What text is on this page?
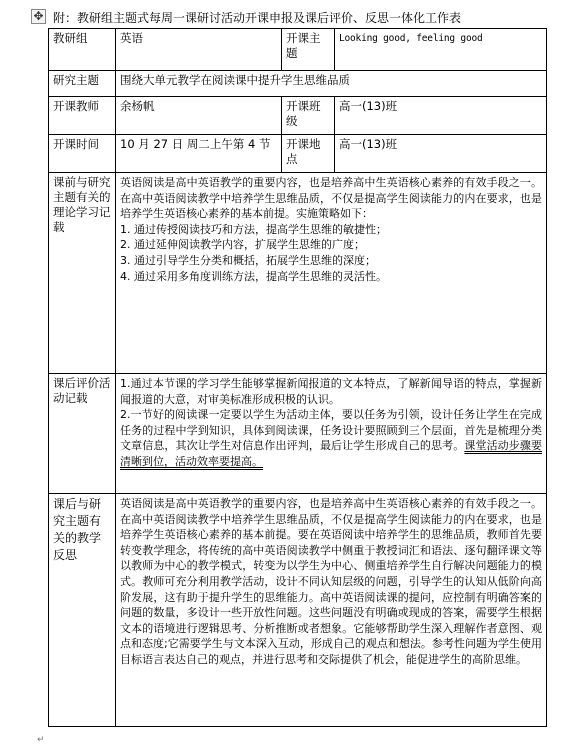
✥ 附：教研组主题式每周一课研讨活动开课申报及课后评价、反思一体化工作表
教研组	英语	开课主题	Looking good, feeling good
研究主题	围绕大单元教学在阅读课中提升学生思维品质		
开课教师	余杨帆	开课班级	高一(13)班
开课时间	10 月 27 日 周二上午第 4 节	开课地点	高一(13)班
课前与研究主题有关的理论学习记载	英语阅读是高中英语教学的重要内容，也是培养高中生英语核心素养的有效手段之一。在高中英语阅读教学中培养学生思维品质，不仅是提高学生阅读能力的内在要求，也是培养学生英语核心素养的基本前提。实施策略如下：

1. 通过传授阅读技巧和方法，提高学生思维的敏捷性；

2. 通过延伸阅读教学内容，扩展学生思维的广度；

3. 通过引导学生分类和概括，拓展学生思维的深度；

4. 通过采用多角度训练方法，提高学生思维的灵活性。		

课后评价活动记载	1.通过本节课的学习学生能够掌握新闻报道的文本特点，了解新闻导语的特点，掌握新闻报道的大意，对审美标准形成积极的认识。

2.一节好的阅读课一定要以学生为活动主体，要以任务为引领，设计任务让学生在完成任务的过程中学到知识，具体到阅读课，任务设计要照顾到三个层面，首先是梳理分类文章信息，其次让学生对信息作出评判，最后让学生形成自己的思考。课堂活动步骤要清晰到位，活动效率要提高。		

课后与研究主题有关的教学反思	英语阅读是高中英语教学的重要内容，也是培养高中生英语核心素养的有效手段之一。在高中英语阅读教学中培养学生思维品质，不仅是提高学生阅读能力的内在要求，也是培养学生英语核心素养的基本前提。要在英语阅读中培养学生的思维品质，教师首先要转变教学理念，将传统的高中英语阅读教学中侧重于教授词汇和语法、逐句翻译课文等以教师为中心的教学模式，转变为以学生为中心、侧重培养学生自行解决问题能力的模式。教师可充分利用教学活动，设计不同认知层级的问题，引导学生的认知从低阶向高阶发展，这有助于提升学生的思维能力。高中英语阅读课的提问，应控制有明确答案的问题的数量，多设计一些开放性问题。这些问题没有明确或现成的答案，需要学生根据文本的语境进行逻辑思考、分析推断或者想象。它能够帮助学生深入理解作者意图、观点和态度;它需要学生与文本深入互动，形成自己的观点和想法。参考性问题为学生使用目标语言表达自己的观点，并进行思考和交际提供了机会，能促进学生的高阶思维。		
↵
